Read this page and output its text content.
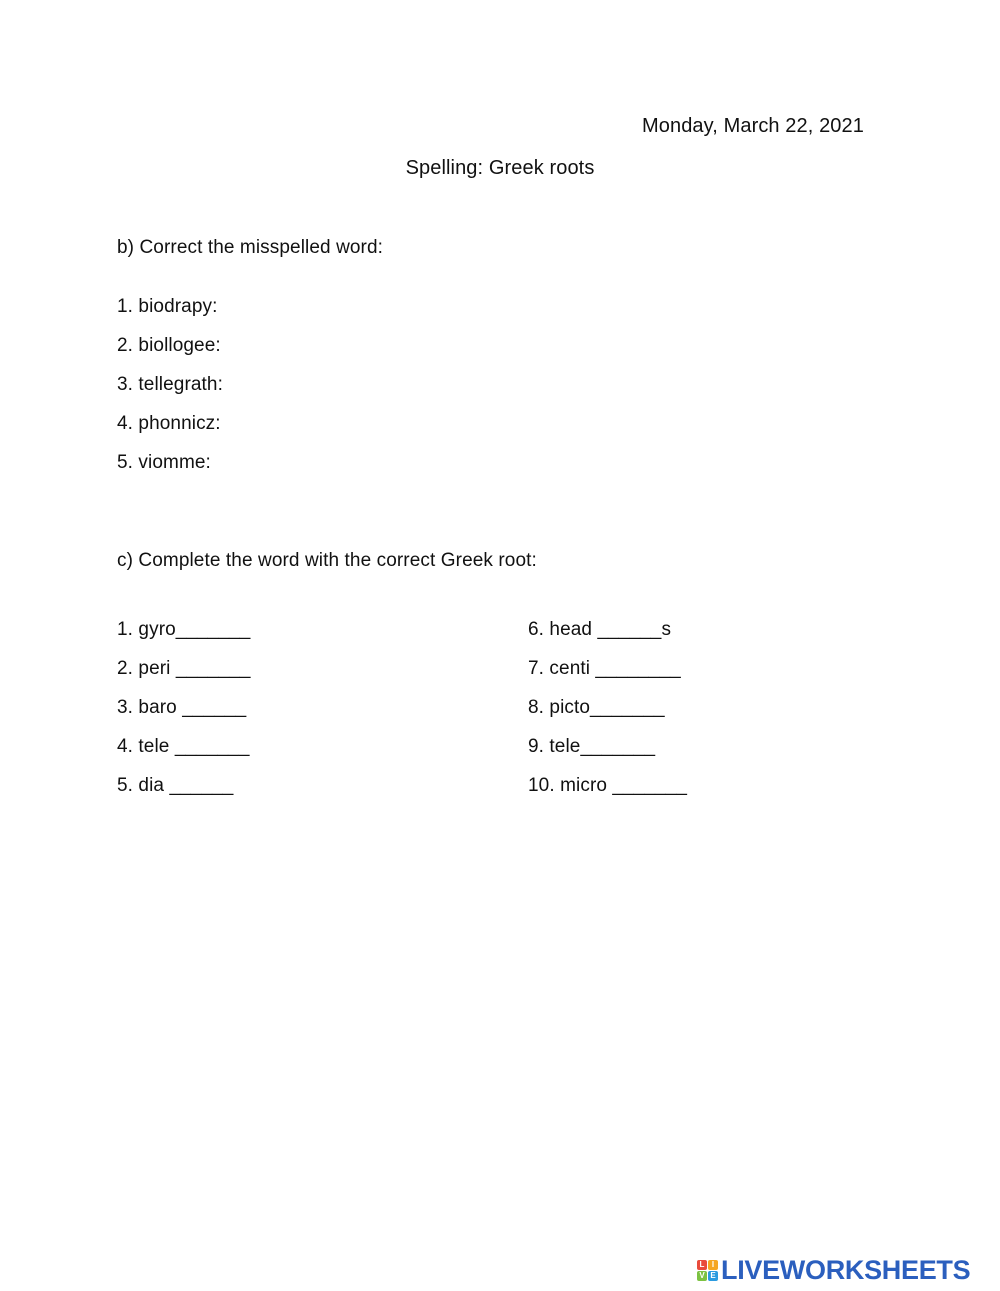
Monday, March 22, 2021
Spelling: Greek roots
b) Correct the misspelled word:
1. biodrapy:
2. biollogee:
3. tellegrath:
4. phonnicz:
5. viomme:
c) Complete the word with the correct Greek root:
1. gyro_______
2. peri _______
3. baro ______
4. tele _______
5. dia ______
6. head ______s
7. centi ________
8. picto_______
9. tele_______
10. micro _______
L I
V E LIVEWORKSHEETS
